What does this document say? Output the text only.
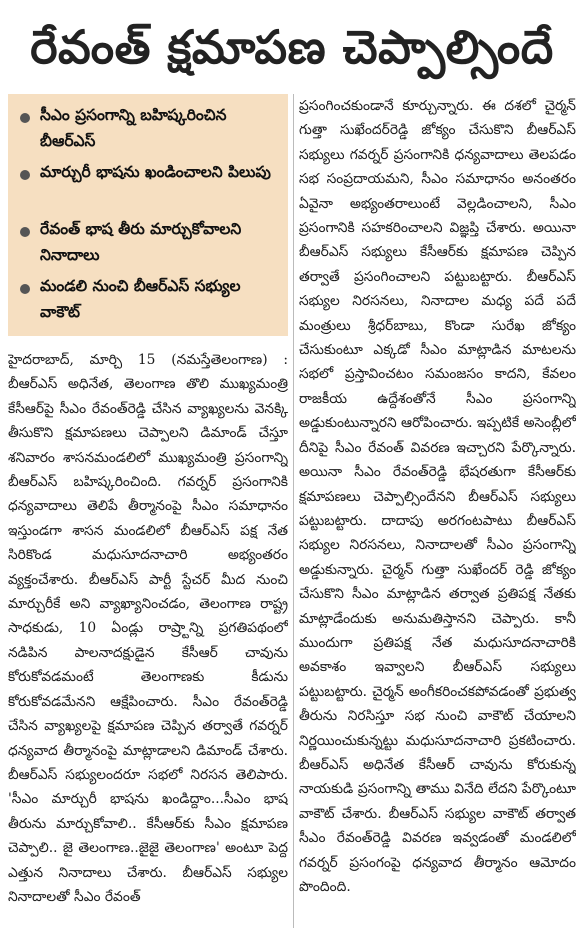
రేవంత్ క్షమాపణ చెప్పాల్సిందే
సీఎం ప్రసంగాన్ని బహిష్కరించిన బీఆర్ఎస్
మార్చురీ భాషను ఖండించాలని పిలుపు
రేవంత్ భాష తీరు మార్చుకోవాలని నినాదాలు
మండలి నుంచి బీఆర్ఎస్ సభ్యుల వాకౌట్
హైదరాబాద్, మార్చి 15 (నమస్తేతెలంగాణ) : బీఆర్ఎస్ అధినేత, తెలంగాణ తొలి ముఖ్యమంత్రి కేసీఆర్‌పై సీఎం రేవంత్‌రెడ్డి చేసిన వ్యాఖ్యలను వెనక్కి తీసుకొని క్షమాపణలు చెప్పాలని డిమాండ్ చేస్తూ శనివారం శాసనమండలిలో ముఖ్యమంత్రి ప్రసంగాన్ని బీఆర్ఎస్ బహిష్కరించింది. గవర్నర్ ప్రసంగానికి ధన్యవాదాలు తెలిపే తీర్మానంపై సీఎం సమాధానం ఇస్తుండగా శాసన మండలిలో బీఆర్ఎస్ పక్ష నేత సిరికొండ మధుసూదనాచారి అభ్యంతరం వ్యక్తంచేశారు. బీఆర్ఎస్ పార్టీ స్టేచర్ మీద నుంచి మార్చురీకే అని వ్యాఖ్యానించడం, తెలంగాణ రాష్ట్ర సాధకుడు, 10 ఏండ్లు రాష్ర్టాన్ని ప్రగతిపథంలో నడిపిన పాలనాదక్షుడైన కేసీఆర్ చావును కోరుకోవడమంటే తెలంగాణకు కీడును కోరుకోవడమేనని ఆక్షేపించారు. సీఎం రేవంత్‌రెడ్డి చేసిన వ్యాఖ్యలపై క్షమాపణ చెప్పిన తర్వాతే గవర్నర్ ధన్యవాద తీర్మానంపై మాట్లాడాలని డిమాండ్ చేశారు. బీఆర్ఎస్ సభ్యులందరూ సభలో నిరసన తెలిపారు. 'సీఎం మార్చురీ భాషను ఖండిద్దాం...సీఎం భాష తీరును మార్చుకోవాలి.. కేసీఆర్‌కు సీఎం క్షమాపణ చెప్పాలి.. జై తెలంగాణ..జైజై తెలంగాణ' అంటూ పెద్ద ఎత్తున నినాదాలు చేశారు. బీఆర్ఎస్ సభ్యుల నినాదాలతో సీఎం రేవంత్
ప్రసంగించకుండానే కూర్చున్నారు. ఈ దశలో చైర్మన్ గుత్తా సుఖేందర్‌రెడ్డి జోక్యం చేసుకొని బీఆర్ఎస్ సభ్యులు గవర్నర్ ప్రసంగానికి ధన్యవాదాలు తెలపడం సభ సంప్రదాయమని, సీఎం సమాధానం అనంతరం ఏవైనా అభ్యంతరాలుంటే వెల్లడించాలని, సీఎం ప్రసంగానికి సహకరించాలని విజ్ఞప్తి చేశారు. అయినా బీఆర్ఎస్ సభ్యులు కేసీఆర్‌కు క్షమాపణ చెప్పిన తర్వాతే ప్రసంగించాలని పట్టుబట్టారు. బీఆర్ఎస్ సభ్యుల నిరసనలు, నినాదాల మధ్య పదే పదే మంత్రులు శ్రీధర్‌బాబు, కొండా సురేఖ జోక్యం చేసుకుంటూ ఎక్కడో సీఎం మాట్లాడిన మాటలను సభలో ప్రస్తావించటం సమంజసం కాదని, కేవలం రాజకీయ ఉద్దేశంతోనే సీఎం ప్రసంగాన్ని అడ్డుకుంటున్నారని ఆరోపించారు. ఇప్పటికే అసెంబ్లీలో దీనిపై సీఎం రేవంత్ వివరణ ఇచ్చారని పేర్కొన్నారు. అయినా సీఎం రేవంత్‌రెడ్డి భేషరతుగా కేసీఆర్‌కు క్షమాపణలు చెప్పాల్సిందేనని బీఆర్ఎస్ సభ్యులు పట్టుబట్టారు. దాదాపు అరగంటపాటు బీఆర్ఎస్ సభ్యుల నిరసనలు, నినాదాలతో సీఎం ప్రసంగాన్ని అడ్డుకున్నారు. చైర్మన్ గుత్తా సుఖేందర్ రెడ్డి జోక్యం చేసుకొని సీఎం మాట్లాడిన తర్వాత ప్రతిపక్ష నేతకు మాట్లాడేందుకు అనుమతిస్తానని చెప్పారు. కానీ ముందుగా ప్రతిపక్ష నేత మధుసూదనాచారికి అవకాశం ఇవ్వాలని బీఆర్ఎస్ సభ్యులు పట్టుబట్టారు. చైర్మన్ అంగీకరించకపోవడంతో ప్రభుత్వ తీరును నిరసిస్తూ సభ నుంచి వాకౌట్ చేయాలని నిర్ణయించుకున్నట్టు మధుసూదనాచారి ప్రకటించారు. బీఆర్ఎస్ అధినేత కేసీఆర్ చావును కోరుకున్న నాయకుడి ప్రసంగాన్ని తాము వినేది లేదని పేర్కొంటూ వాకౌట్ చేశారు. బీఆర్ఎస్ సభ్యుల వాకౌట్ తర్వాత సీఎం రేవంత్‌రెడ్డి వివరణ ఇవ్వడంతో మండలిలో గవర్నర్ ప్రసంగంపై ధన్యవాద తీర్మానం ఆమోదం పొందింది.
